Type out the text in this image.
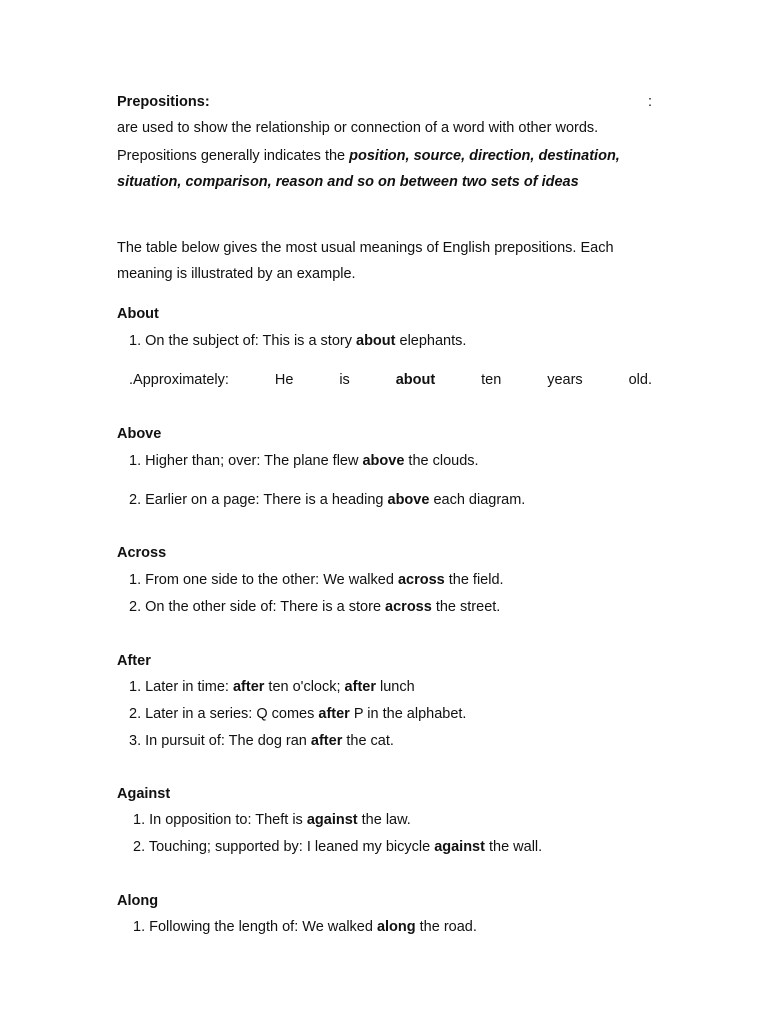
Prepositions:	:
are used to show the relationship or connection of a word with other words.
Prepositions generally indicates the position, source, direction, destination,
situation, comparison, reason and so on between two sets of ideas
The table below gives the most usual meanings of English prepositions. Each
meaning is illustrated by an example.
About
1. On the subject of: This is a story about elephants.
.Approximately:	He	is	about	ten	years	old.
Above
1. Higher than; over: The plane flew above the clouds.
2. Earlier on a page: There is a heading above each diagram.
Across
1. From one side to the other: We walked across the field.
2. On the other side of: There is a store across the street.
After
1. Later in time: after ten o'clock; after lunch
2. Later in a series: Q comes after P in the alphabet.
3. In pursuit of: The dog ran after the cat.
Against
1. In opposition to: Theft is against the law.
2. Touching; supported by: I leaned my bicycle against the wall.
Along
1. Following the length of: We walked along the road.
